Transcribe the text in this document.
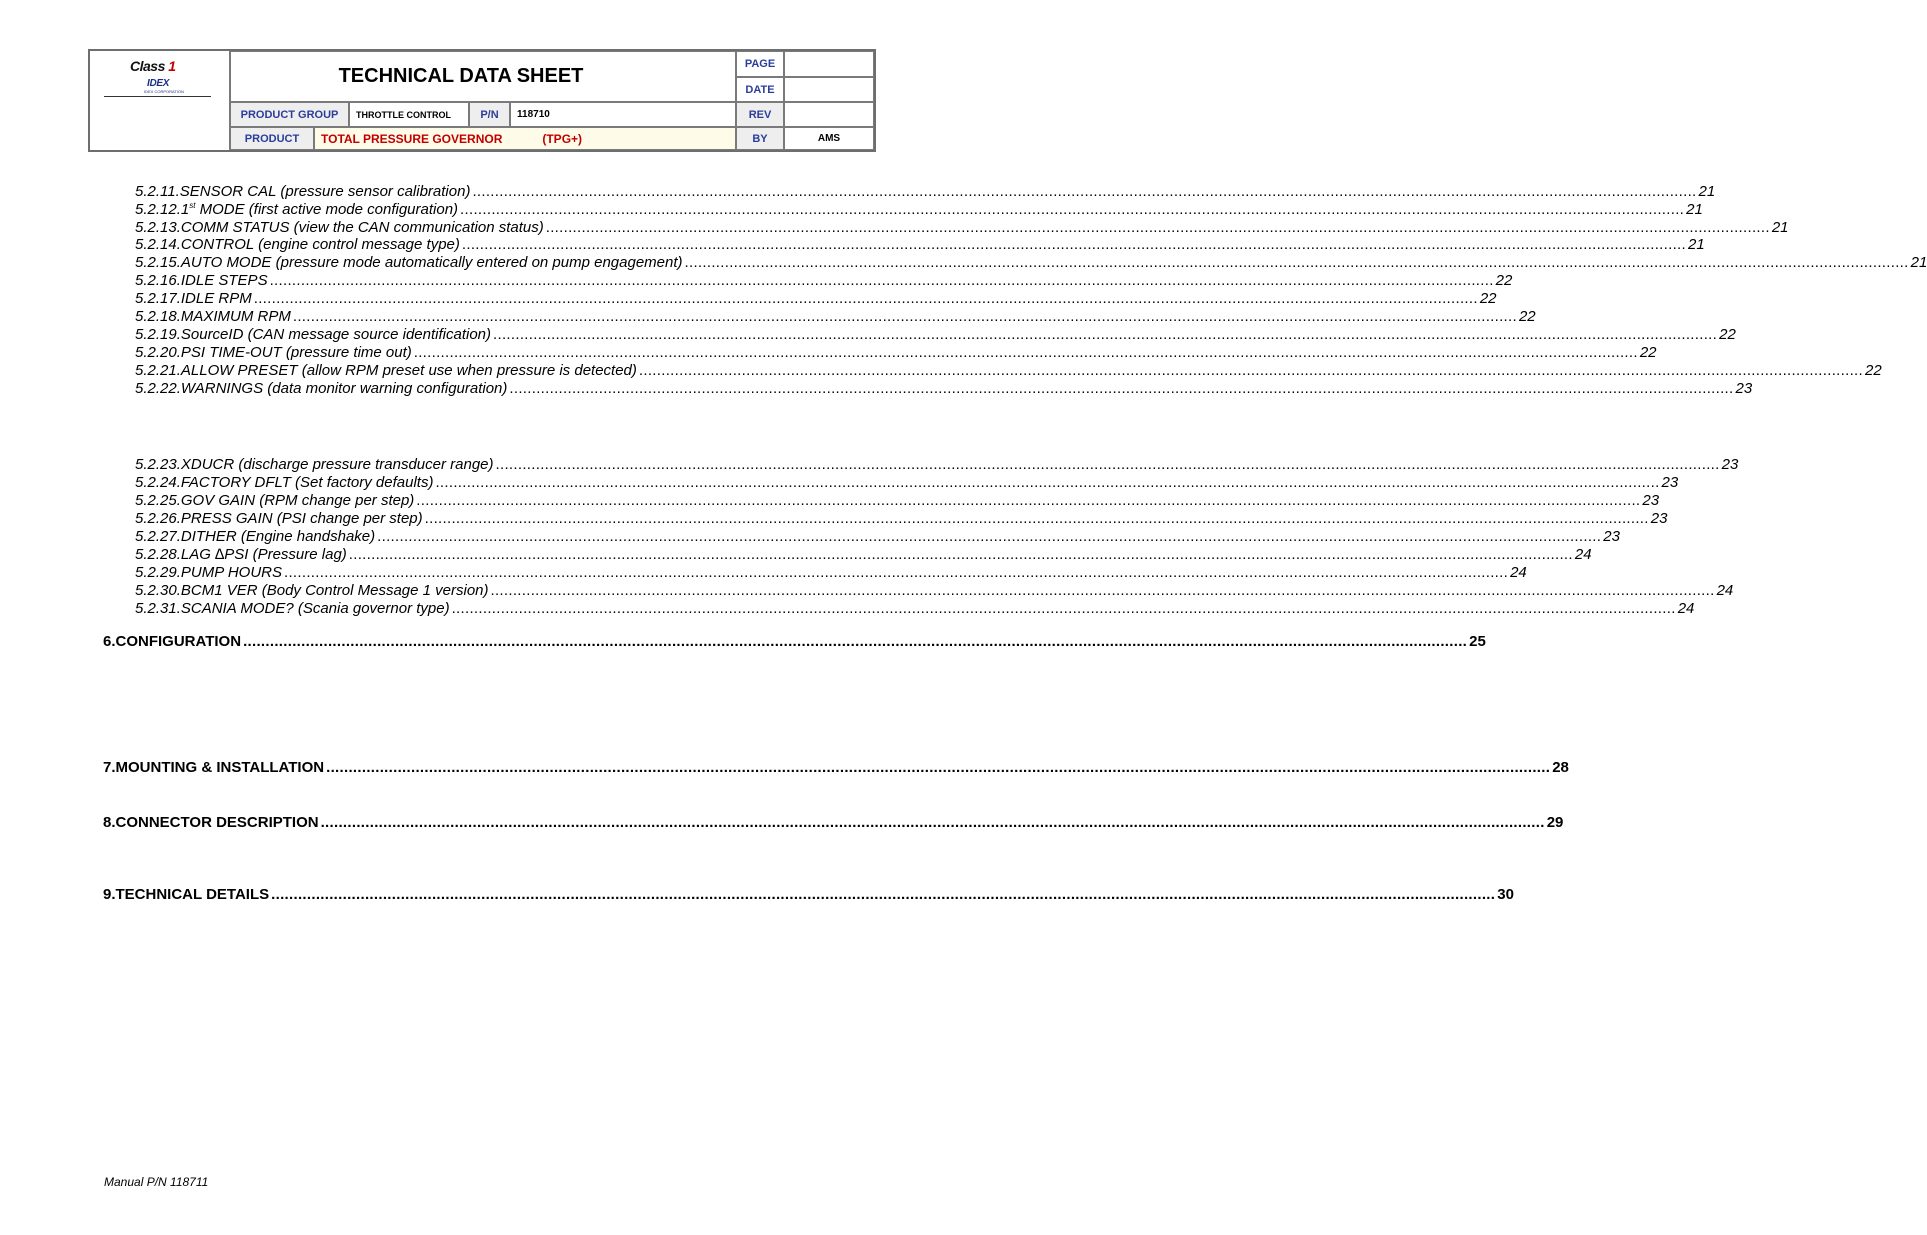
Class 1
IDEX
IDEX CORPORATION
TECHNICAL DATA SHEET
PAGE
DATE
PRODUCT GROUP	THROTTLE CONTROL	P/N	118710	REV
PRODUCT	TOTAL PRESSURE GOVERNOR	(TPG+)	BY	AMS
5.2.11. SENSOR CAL (pressure sensor calibration) .................................................................................................................................................................................................................................................................................. 21
5.2.12. 1st MODE (first active mode configuration) .................................................................................................................................................................................................................................................................................. 21
5.2.13. COMM STATUS (view the CAN communication status) .................................................................................................................................................................................................................................................................................. 21
5.2.14. CONTROL (engine control message type) .................................................................................................................................................................................................................................................................................. 21
5.2.15. AUTO MODE (pressure mode automatically entered on pump engagement) .................................................................................................................................................................................................................................................................................. 21
5.2.16. IDLE STEPS .................................................................................................................................................................................................................................................................................. 22
5.2.17. IDLE RPM .................................................................................................................................................................................................................................................................................. 22
5.2.18. MAXIMUM RPM .................................................................................................................................................................................................................................................................................. 22
5.2.19. SourceID (CAN message source identification) .................................................................................................................................................................................................................................................................................. 22
5.2.20. PSI TIME-OUT (pressure time out) .................................................................................................................................................................................................................................................................................. 22
5.2.21. ALLOW PRESET (allow RPM preset use when pressure is detected) .................................................................................................................................................................................................................................................................................. 22
5.2.22. WARNINGS (data monitor warning configuration) .................................................................................................................................................................................................................................................................................. 23
5.2.23. XDUCR (discharge pressure transducer range) .................................................................................................................................................................................................................................................................................. 23
5.2.24. FACTORY DFLT (Set factory defaults) .................................................................................................................................................................................................................................................................................. 23
5.2.25. GOV GAIN (RPM change per step) .................................................................................................................................................................................................................................................................................. 23
5.2.26. PRESS GAIN (PSI change per step) .................................................................................................................................................................................................................................................................................. 23
5.2.27. DITHER (Engine handshake) .................................................................................................................................................................................................................................................................................. 23
5.2.28. LAG ∆PSI (Pressure lag) .................................................................................................................................................................................................................................................................................. 24
5.2.29. PUMP HOURS .................................................................................................................................................................................................................................................................................. 24
5.2.30. BCM1 VER (Body Control Message 1 version) .................................................................................................................................................................................................................................................................................. 24
5.2.31. SCANIA MODE? (Scania governor type) .................................................................................................................................................................................................................................................................................. 24
6. CONFIGURATION .................................................................................................................................................................................................................................................................................. 25
7. MOUNTING & INSTALLATION .................................................................................................................................................................................................................................................................................. 28
8. CONNECTOR DESCRIPTION .................................................................................................................................................................................................................................................................................. 29
9. TECHNICAL DETAILS .................................................................................................................................................................................................................................................................................. 30
Manual P/N 118711
